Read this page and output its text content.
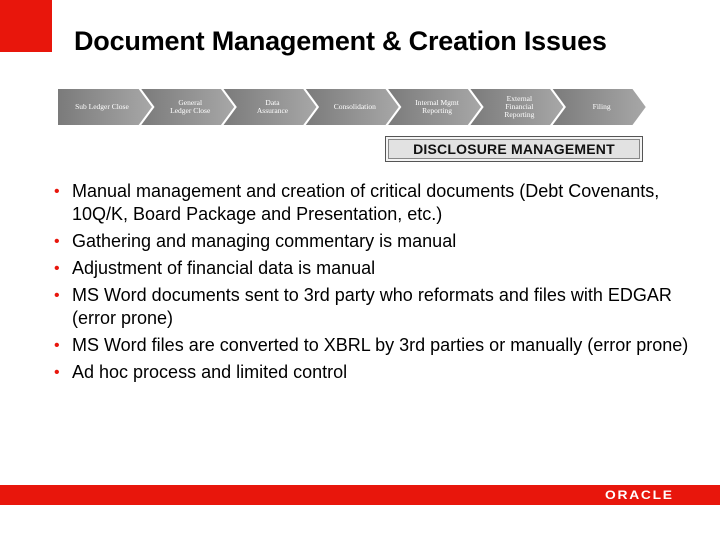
Document Management & Creation Issues
Sub Ledger Close	General
Ledger Close
Data
Assurance	Consolidation	Internal Mgmt
Reporting
External
Financial
Reporting
Filing
DISCLOSURE MANAGEMENT
• Manual management and creation of critical documents (Debt Covenants, 10Q/K, Board Package and Presentation, etc.)
• Gathering and managing commentary is manual
• Adjustment of financial data is manual
• MS Word documents sent to 3rd party who reformats and files with EDGAR (error prone)
• MS Word files are converted to XBRL by 3rd parties or manually (error prone)
• Ad hoc process and limited control
ORACLE
